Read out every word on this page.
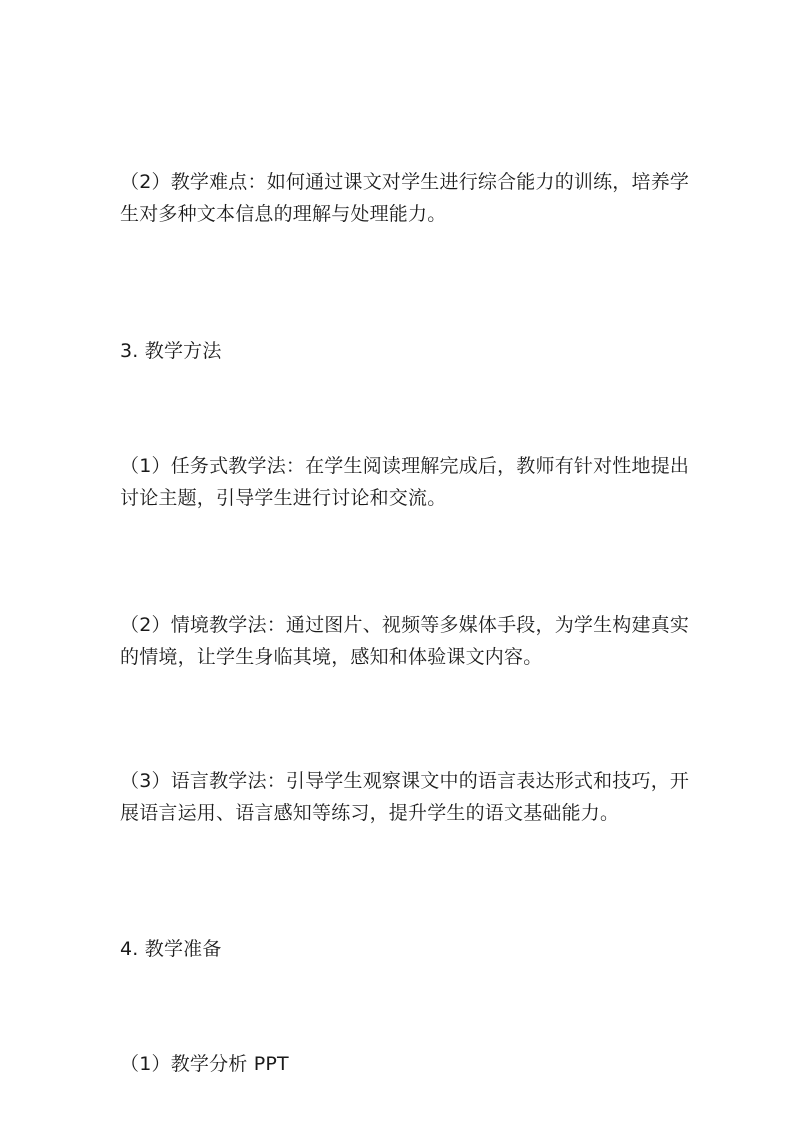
（2）教学难点：如何通过课文对学生进行综合能力的训练，培养学
生对多种文本信息的理解与处理能力。

3. 教学方法

（1）任务式教学法：在学生阅读理解完成后，教师有针对性地提出
讨论主题，引导学生进行讨论和交流。

（2）情境教学法：通过图片、视频等多媒体手段，为学生构建真实
的情境，让学生身临其境，感知和体验课文内容。

（3）语言教学法：引导学生观察课文中的语言表达形式和技巧，开
展语言运用、语言感知等练习，提升学生的语文基础能力。

4. 教学准备

（1）教学分析 PPT
